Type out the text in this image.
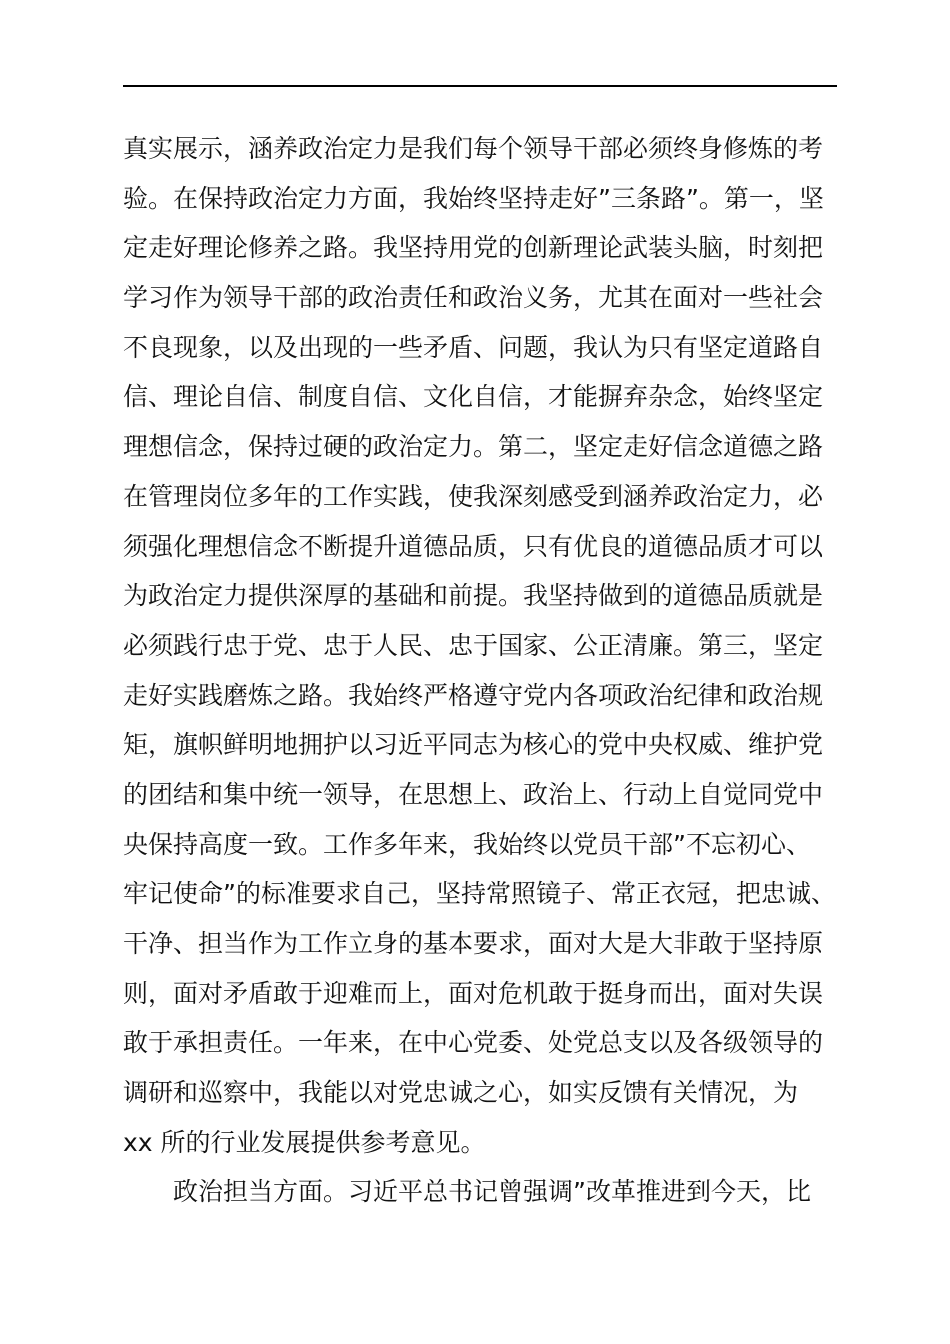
真实展示，涵养政治定力是我们每个领导干部必须终身修炼的考
验。在保持政治定力方面，我始终坚持走好”三条路”。第一，坚
定走好理论修养之路。我坚持用党的创新理论武装头脑，时刻把
学习作为领导干部的政治责任和政治义务，尤其在面对一些社会
不良现象，以及出现的一些矛盾、问题，我认为只有坚定道路自
信、理论自信、制度自信、文化自信，才能摒弃杂念，始终坚定
理想信念，保持过硬的政治定力。第二，坚定走好信念道德之路
在管理岗位多年的工作实践，使我深刻感受到涵养政治定力，必
须强化理想信念不断提升道德品质，只有优良的道德品质才可以
为政治定力提供深厚的基础和前提。我坚持做到的道德品质就是
必须践行忠于党、忠于人民、忠于国家、公正清廉。第三，坚定
走好实践磨炼之路。我始终严格遵守党内各项政治纪律和政治规
矩，旗帜鲜明地拥护以习近平同志为核心的党中央权威、维护党
的团结和集中统一领导，在思想上、政治上、行动上自觉同党中
央保持高度一致。工作多年来，我始终以党员干部”不忘初心、
牢记使命”的标准要求自己，坚持常照镜子、常正衣冠，把忠诚、
干净、担当作为工作立身的基本要求，面对大是大非敢于坚持原
则，面对矛盾敢于迎难而上，面对危机敢于挺身而出，面对失误
敢于承担责任。一年来，在中心党委、处党总支以及各级领导的
调研和巡察中，我能以对党忠诚之心，如实反馈有关情况，为
xx 所的行业发展提供参考意见。
政治担当方面。习近平总书记曾强调”改革推进到今天，比
